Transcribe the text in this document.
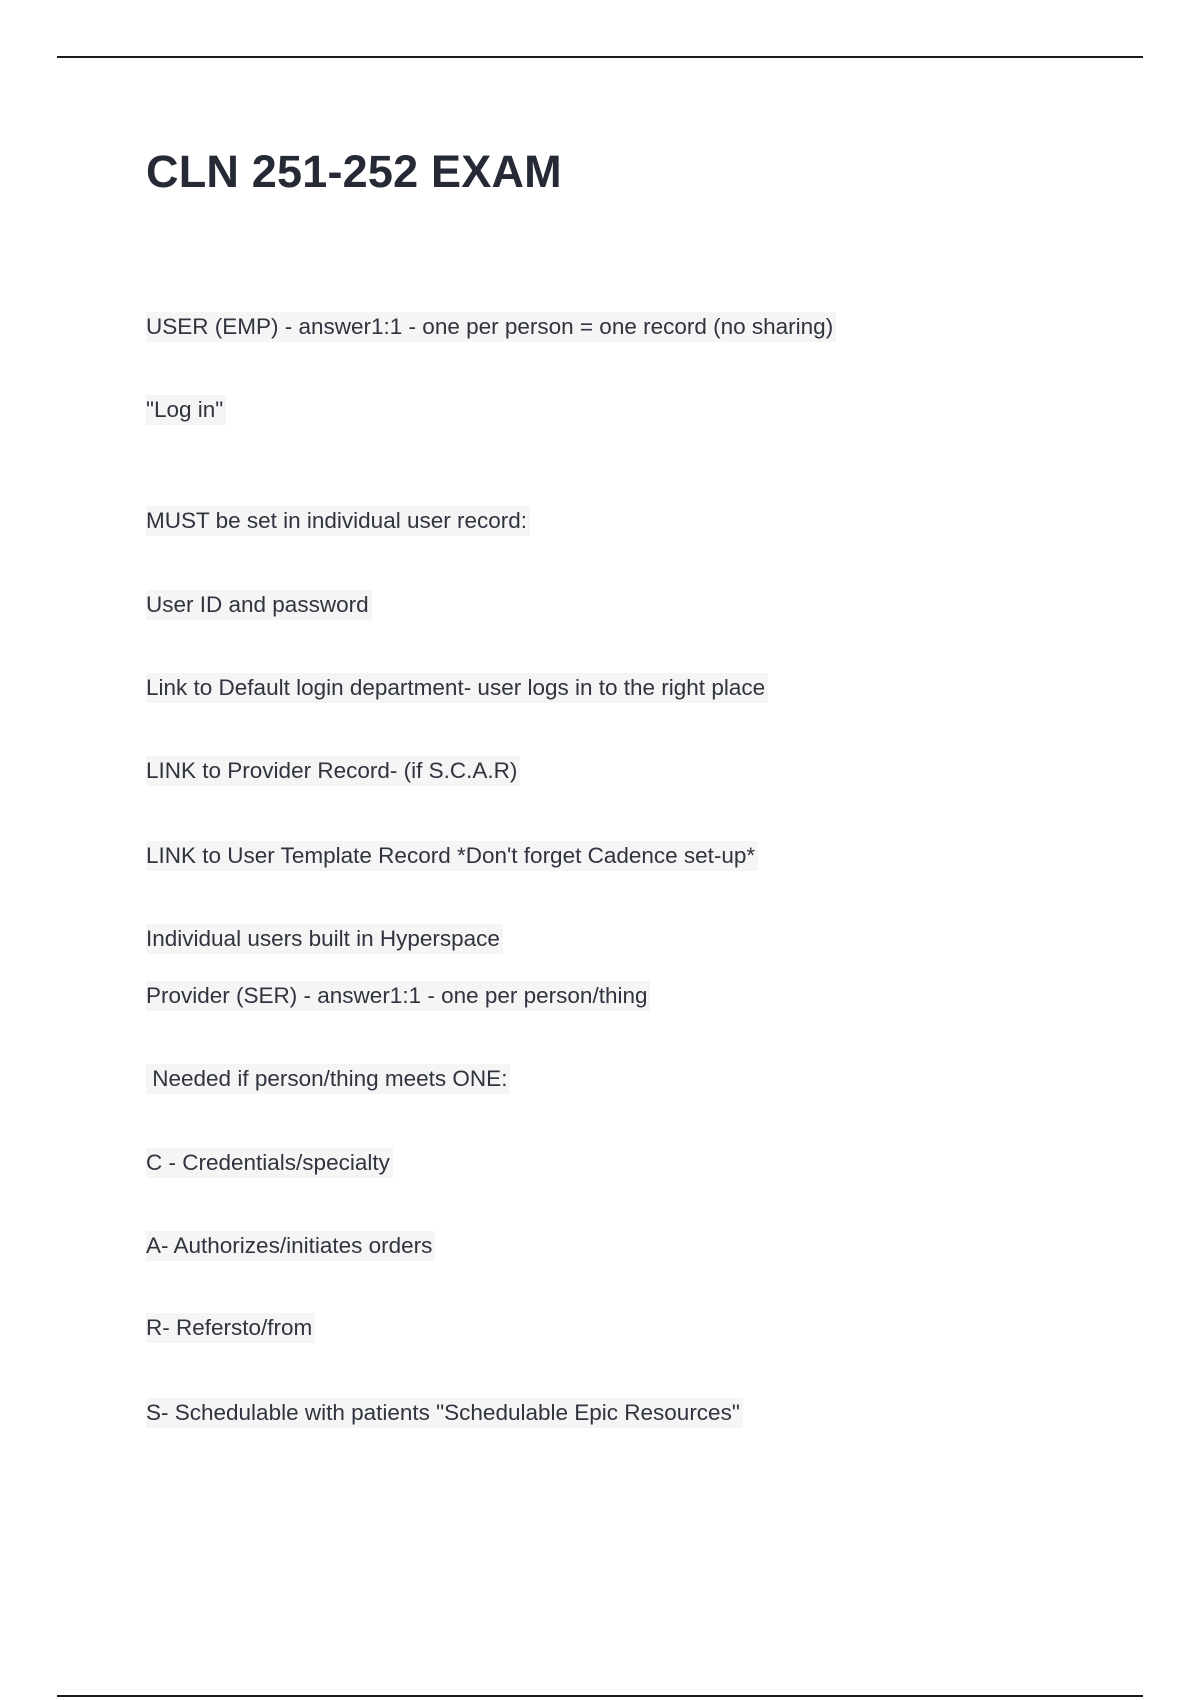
CLN 251-252 EXAM
USER (EMP) - answer1:1 - one per person = one record (no sharing)
"Log in"
MUST be set in individual user record:
User ID and password
Link to Default login department- user logs in to the right place
LINK to Provider Record- (if S.C.A.R)
LINK to User Template Record *Don't forget Cadence set-up*
Individual users built in Hyperspace
Provider (SER) - answer1:1 - one per person/thing
Needed if person/thing meets ONE:
C - Credentials/specialty
A- Authorizes/initiates orders
R- Refersto/from
S- Schedulable with patients "Schedulable Epic Resources"
